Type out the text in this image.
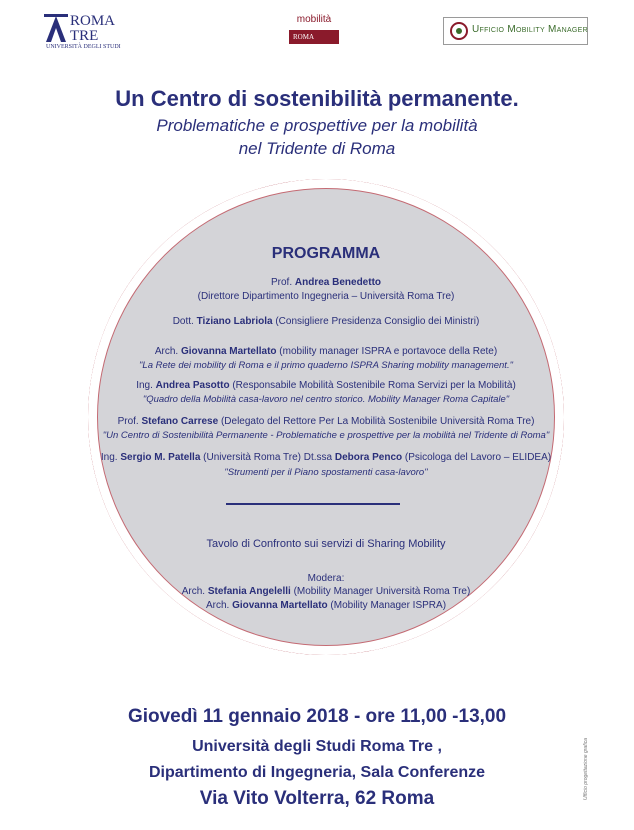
ROMA
TRE
UNIVERSITÀ DEGLI STUDI
mobilità
ROMA
Ufficio Mobility Manager
Un Centro di sostenibilità permanente.
Problematiche e prospettive per la mobilità
nel Tridente di Roma
PROGRAMMA
Prof. Andrea Benedetto
(Direttore Dipartimento Ingegneria – Università Roma Tre)
Dott. Tiziano Labriola (Consigliere Presidenza Consiglio dei Ministri)
Arch. Giovanna Martellato (mobility manager ISPRA e portavoce della Rete)
"La Rete dei mobility di Roma e il primo quaderno ISPRA Sharing mobility management."
Ing. Andrea Pasotto (Responsabile Mobilità Sostenibile Roma Servizi per la Mobilità)
"Quadro della Mobilità casa-lavoro nel centro storico. Mobility Manager Roma Capitale"
Prof. Stefano Carrese (Delegato del Rettore Per La Mobilità Sostenibile Università Roma Tre)
"Un Centro di Sostenibilità Permanente - Problematiche e prospettive per la mobilità nel Tridente di Roma"
Ing. Sergio M. Patella (Università Roma Tre) Dt.ssa Debora Penco (Psicologa del Lavoro – ELIDEA)
"Strumenti per il Piano spostamenti casa-lavoro"
Tavolo di Confronto sui servizi di Sharing Mobility
Modera:
Arch. Stefania Angelelli (Mobility Manager Università Roma Tre)
Arch. Giovanna Martellato (Mobility Manager ISPRA)
Giovedì 11 gennaio 2018 - ore 11,00 -13,00
Università degli Studi Roma Tre ,
Dipartimento di Ingegneria, Sala Conferenze
Via Vito Volterra, 62 Roma	Ufficio progettazione grafica
